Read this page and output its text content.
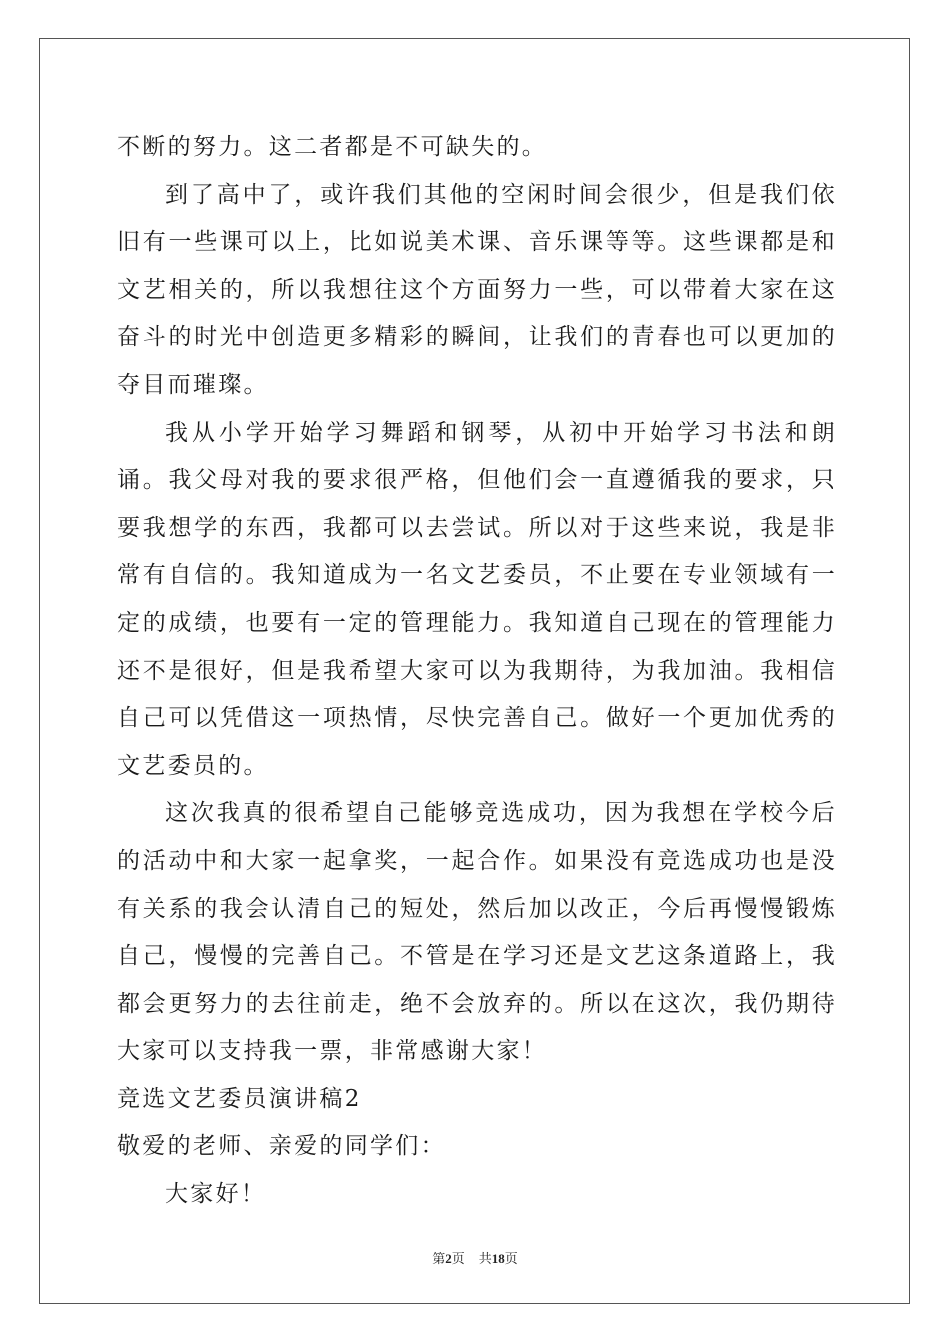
不断的努力。这二者都是不可缺失的。

到了高中了，或许我们其他的空闲时间会很少，但是我们依旧有一些课可以上，比如说美术课、音乐课等等。这些课都是和文艺相关的，所以我想往这个方面努力一些，可以带着大家在这奋斗的时光中创造更多精彩的瞬间，让我们的青春也可以更加的夺目而璀璨。

我从小学开始学习舞蹈和钢琴，从初中开始学习书法和朗诵。我父母对我的要求很严格，但他们会一直遵循我的要求，只要我想学的东西，我都可以去尝试。所以对于这些来说，我是非常有自信的。我知道成为一名文艺委员，不止要在专业领域有一定的成绩，也要有一定的管理能力。我知道自己现在的管理能力还不是很好，但是我希望大家可以为我期待，为我加油。我相信自己可以凭借这一项热情，尽快完善自己。做好一个更加优秀的文艺委员的。

这次我真的很希望自己能够竞选成功，因为我想在学校今后的活动中和大家一起拿奖，一起合作。如果没有竞选成功也是没有关系的我会认清自己的短处，然后加以改正，今后再慢慢锻炼自己，慢慢的完善自己。不管是在学习还是文艺这条道路上，我都会更努力的去往前走，绝不会放弃的。所以在这次，我仍期待大家可以支持我一票，非常感谢大家！

竞选文艺委员演讲稿2

敬爱的老师、亲爱的同学们：

大家好！

第2页 共18页
